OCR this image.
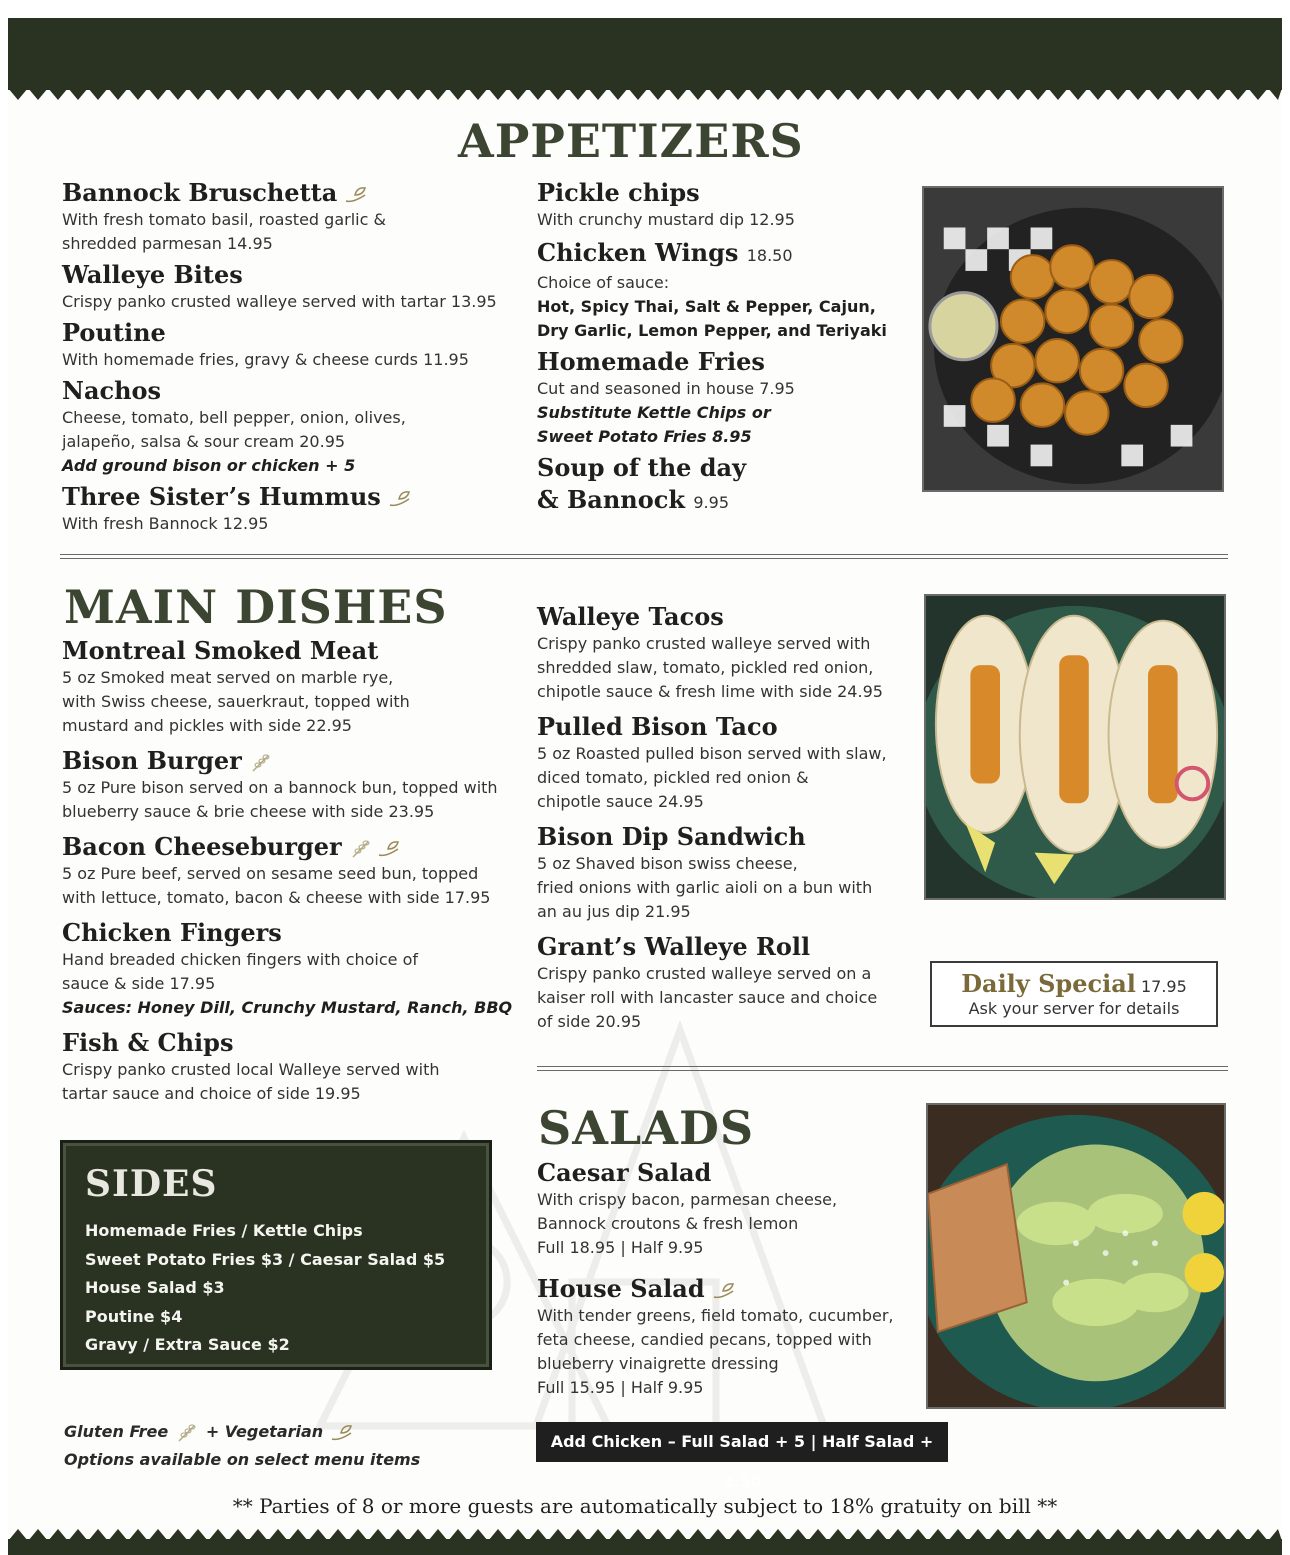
APPETIZERS
Bannock Bruschetta
With fresh tomato basil, roasted garlic &
shredded parmesan 14.95
Walleye Bites
Crispy panko crusted walleye served with tartar 13.95
Poutine
With homemade fries, gravy & cheese curds 11.95
Nachos
Cheese, tomato, bell pepper, onion, olives,
jalapeño, salsa & sour cream 20.95
Add ground bison or chicken + 5
Three Sister’s Hummus
With fresh Bannock 12.95
Pickle chips
With crunchy mustard dip 12.95
Chicken Wings 18.50
Choice of sauce:
Hot, Spicy Thai, Salt & Pepper, Cajun,
Dry Garlic, Lemon Pepper, and Teriyaki
Homemade Fries
Cut and seasoned in house 7.95
Substitute Kettle Chips or
Sweet Potato Fries 8.95
Soup of the day
& Bannock 9.95
MAIN DISHES
Montreal Smoked Meat
5 oz Smoked meat served on marble rye,
with Swiss cheese, sauerkraut, topped with
mustard and pickles with side 22.95
Bison Burger
5 oz Pure bison served on a bannock bun, topped with
blueberry sauce & brie cheese with side 23.95
Bacon Cheeseburger
5 oz Pure beef, served on sesame seed bun, topped
with lettuce, tomato, bacon & cheese with side 17.95
Chicken Fingers
Hand breaded chicken fingers with choice of
sauce & side 17.95
Sauces: Honey Dill, Crunchy Mustard, Ranch, BBQ
Fish & Chips
Crispy panko crusted local Walleye served with
tartar sauce and choice of side 19.95
Walleye Tacos
Crispy panko crusted walleye served with
shredded slaw, tomato, pickled red onion,
chipotle sauce & fresh lime with side 24.95
Pulled Bison Taco
5 oz Roasted pulled bison served with slaw,
diced tomato, pickled red onion &
chipotle sauce 24.95
Bison Dip Sandwich
5 oz Shaved bison swiss cheese,
fried onions with garlic aioli on a bun with
an au jus dip 21.95
Grant’s Walleye Roll
Crispy panko crusted walleye served on a
kaiser roll with lancaster sauce and choice
of side 20.95
Daily Special 17.95
Ask your server for details
SALADS
Caesar Salad
With crispy bacon, parmesan cheese,
Bannock croutons & fresh lemon
Full 18.95 | Half 9.95
House Salad
With tender greens, field tomato, cucumber,
feta cheese, candied pecans, topped with
blueberry vinaigrette dressing
Full 15.95 | Half 9.95
Add Chicken – Full Salad + 5 | Half Salad + 2.50
SIDES
Homemade Fries / Kettle Chips
Sweet Potato Fries $3 / Caesar Salad $5
House Salad $3
Poutine $4
Gravy / Extra Sauce $2
Gluten Free + Vegetarian
Options available on select menu items
** Parties of 8 or more guests are automatically subject to 18% gratuity on bill **
